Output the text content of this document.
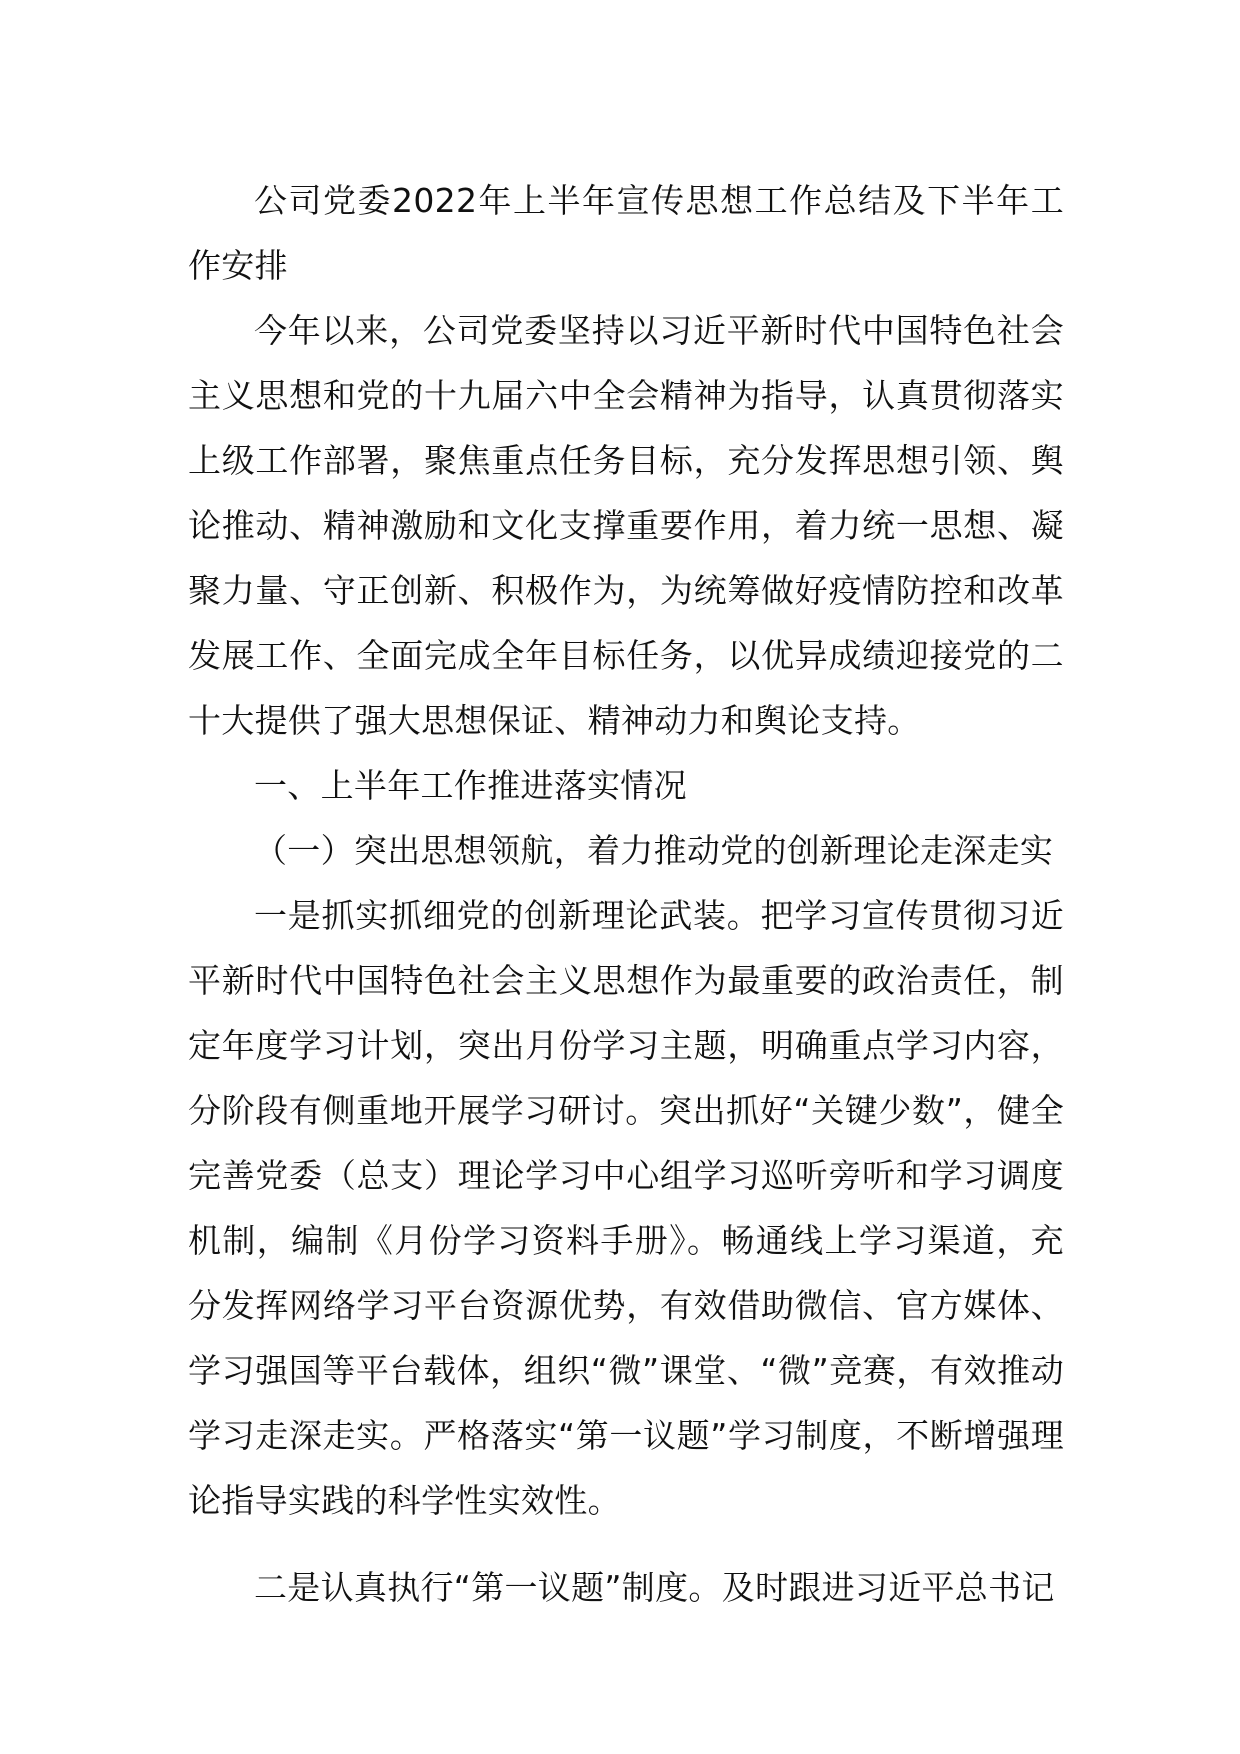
公司党委2022年上半年宣传思想工作总结及下半年工作安排

今年以来，公司党委坚持以习近平新时代中国特色社会主义思想和党的十九届六中全会精神为指导，认真贯彻落实上级工作部署，聚焦重点任务目标，充分发挥思想引领、舆论推动、精神激励和文化支撑重要作用，着力统一思想、凝聚力量、守正创新、积极作为，为统筹做好疫情防控和改革发展工作、全面完成全年目标任务，以优异成绩迎接党的二十大提供了强大思想保证、精神动力和舆论支持。

一、上半年工作推进落实情况

（一）突出思想领航，着力推动党的创新理论走深走实

一是抓实抓细党的创新理论武装。把学习宣传贯彻习近平新时代中国特色社会主义思想作为最重要的政治责任，制定年度学习计划，突出月份学习主题，明确重点学习内容，分阶段有侧重地开展学习研讨。突出抓好“关键少数”，健全完善党委（总支）理论学习中心组学习巡听旁听和学习调度机制，编制《月份学习资料手册》。畅通线上学习渠道，充分发挥网络学习平台资源优势，有效借助微信、官方媒体、学习强国等平台载体，组织“微”课堂、“微”竞赛，有效推动学习走深走实。严格落实“第一议题”学习制度，不断增强理论指导实践的科学性实效性。

二是认真执行“第一议题”制度。及时跟进习近平总书记
